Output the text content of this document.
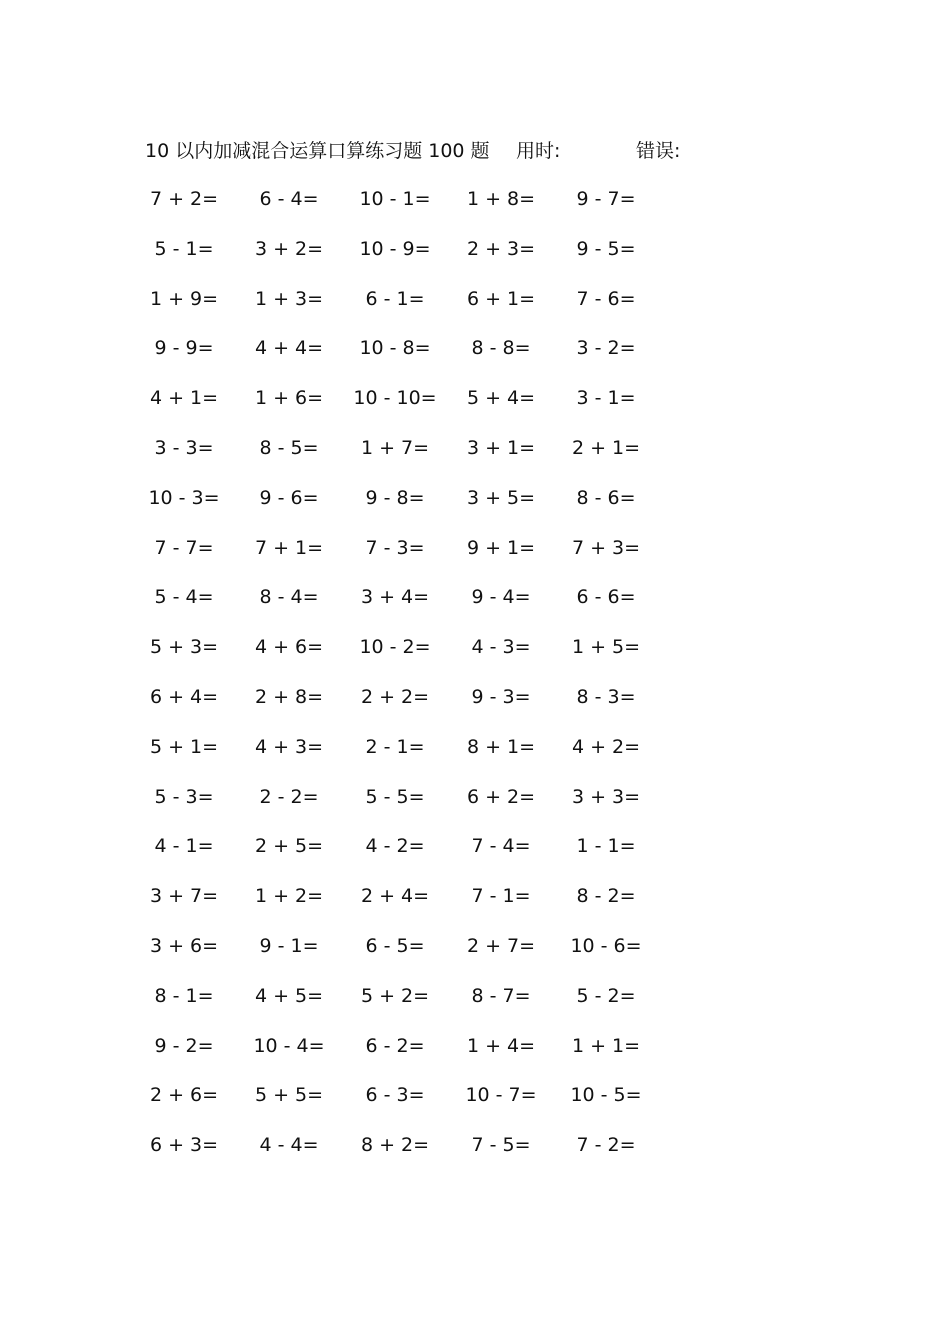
10 以内加减混合运算口算练习题 100 题 用时:	错误:
7 + 2=	6 - 4=	10 - 1=	1 + 8=	9 - 7=
5 - 1=	3 + 2=	10 - 9=	2 + 3=	9 - 5=
1 + 9=	1 + 3=	6 - 1=	6 + 1=	7 - 6=
9 - 9=	4 + 4=	10 - 8=	8 - 8=	3 - 2=
4 + 1=	1 + 6=	10 - 10=	5 + 4=	3 - 1=
3 - 3=	8 - 5=	1 + 7=	3 + 1=	2 + 1=
10 - 3=	9 - 6=	9 - 8=	3 + 5=	8 - 6=
7 - 7=	7 + 1=	7 - 3=	9 + 1=	7 + 3=
5 - 4=	8 - 4=	3 + 4=	9 - 4=	6 - 6=
5 + 3=	4 + 6=	10 - 2=	4 - 3=	1 + 5=
6 + 4=	2 + 8=	2 + 2=	9 - 3=	8 - 3=
5 + 1=	4 + 3=	2 - 1=	8 + 1=	4 + 2=
5 - 3=	2 - 2=	5 - 5=	6 + 2=	3 + 3=
4 - 1=	2 + 5=	4 - 2=	7 - 4=	1 - 1=
3 + 7=	1 + 2=	2 + 4=	7 - 1=	8 - 2=
3 + 6=	9 - 1=	6 - 5=	2 + 7=	10 - 6=
8 - 1=	4 + 5=	5 + 2=	8 - 7=	5 - 2=
9 - 2=	10 - 4=	6 - 2=	1 + 4=	1 + 1=
2 + 6=	5 + 5=	6 - 3=	10 - 7=	10 - 5=
6 + 3=	4 - 4=	8 + 2=	7 - 5=	7 - 2=
